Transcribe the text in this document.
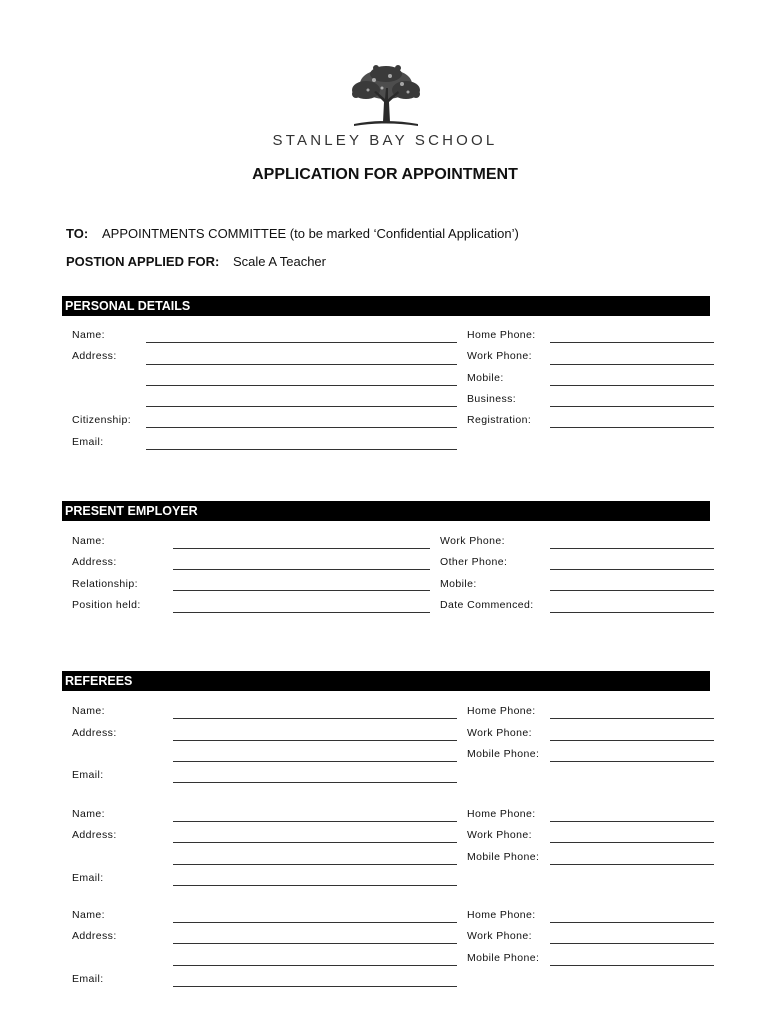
STANLEY BAY SCHOOL
APPLICATION FOR APPOINTMENT
TO: APPOINTMENTS COMMITTEE (to be marked ‘Confidential Application’)
POSTION APPLIED FOR: Scale A Teacher
PERSONAL DETAILS
Name:
Address:
Citizenship:
Email:
Home Phone:
Work Phone:
Mobile:
Business:
Registration:
PRESENT EMPLOYER
Name:
Address:
Relationship:
Position held:
Work Phone:
Other Phone:
Mobile:
Date Commenced:
REFEREES
Name:
Address:
Email:
Home Phone:
Work Phone:
Mobile Phone:
Name:
Address:
Email:
Home Phone:
Work Phone:
Mobile Phone:
Name:
Address:
Email:
Home Phone:
Work Phone:
Mobile Phone:
